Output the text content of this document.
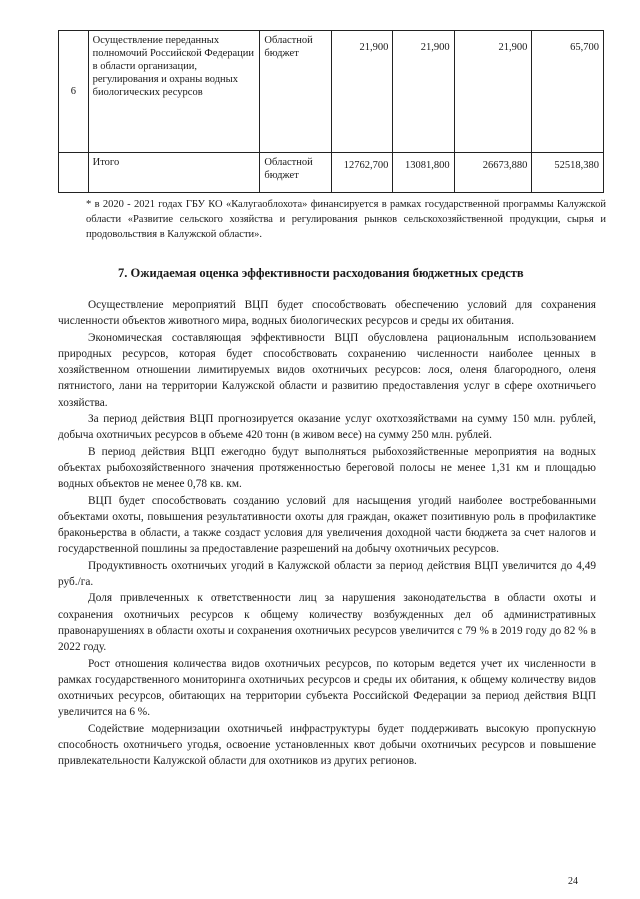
6	Осуществление переданных полномочий Российской Федерации в области организации, регулирования и охраны водных биологических ресурсов	Областной бюджет	21,900	21,900	21,900	65,700
	Итого	Областной бюджет	12762,700	13081,800	26673,880	52518,380
* в 2020 - 2021 годах ГБУ КО «Калугаоблохота» финансируется в рамках государственной программы Калужской области «Развитие сельского хозяйства и регулирования рынков сельскохозяйственной продукции, сырья и продовольствия в Калужской области».
7. Ожидаемая оценка эффективности расходования бюджетных средств

Осуществление мероприятий ВЦП будет способствовать обеспечению условий для сохранения численности объектов животного мира, водных биологических ресурсов и среды их обитания.

Экономическая составляющая эффективности ВЦП обусловлена рациональным использованием природных ресурсов, которая будет способствовать сохранению численности наиболее ценных в хозяйственном отношении лимитируемых видов охотничьих ресурсов: лося, оленя благородного, оленя пятнистого, лани на территории Калужской области и развитию предоставления услуг в сфере охотничьего хозяйства.

За период действия ВЦП прогнозируется оказание услуг охотхозяйствами на сумму 150 млн. рублей, добыча охотничьих ресурсов в объеме 420 тонн (в живом весе) на сумму 250 млн. рублей.

В период действия ВЦП ежегодно будут выполняться рыбохозяйственные мероприятия на водных объектах рыбохозяйственного значения протяженностью береговой полосы не менее 1,31 км и площадью водных объектов не менее 0,78 кв. км.

ВЦП будет способствовать созданию условий для насыщения угодий наиболее востребованными объектами охоты, повышения результативности охоты для граждан, окажет позитивную роль в профилактике браконьерства в области, а также создаст условия для увеличения доходной части бюджета за счет налогов и государственной пошлины за предоставление разрешений на добычу охотничьих ресурсов.

Продуктивность охотничьих угодий в Калужской области за период действия ВЦП увеличится до 4,49 руб./га.

Доля привлеченных к ответственности лиц за нарушения законодательства в области охоты и сохранения охотничьих ресурсов к общему количеству возбужденных дел об административных правонарушениях в области охоты и сохранения охотничьих ресурсов увеличится с 79 % в 2019 году до 82 % в 2022 году.

Рост отношения количества видов охотничьих ресурсов, по которым ведется учет их численности в рамках государственного мониторинга охотничьих ресурсов и среды их обитания, к общему количеству видов охотничьих ресурсов, обитающих на территории субъекта Российской Федерации за период действия ВЦП увеличится на 6 %.

Содействие модернизации охотничьей инфраструктуры будет поддерживать высокую пропускную способность охотничьего угодья, освоение установленных квот добычи охотничьих ресурсов и повышение привлекательности Калужской области для охотников из других регионов.

24
